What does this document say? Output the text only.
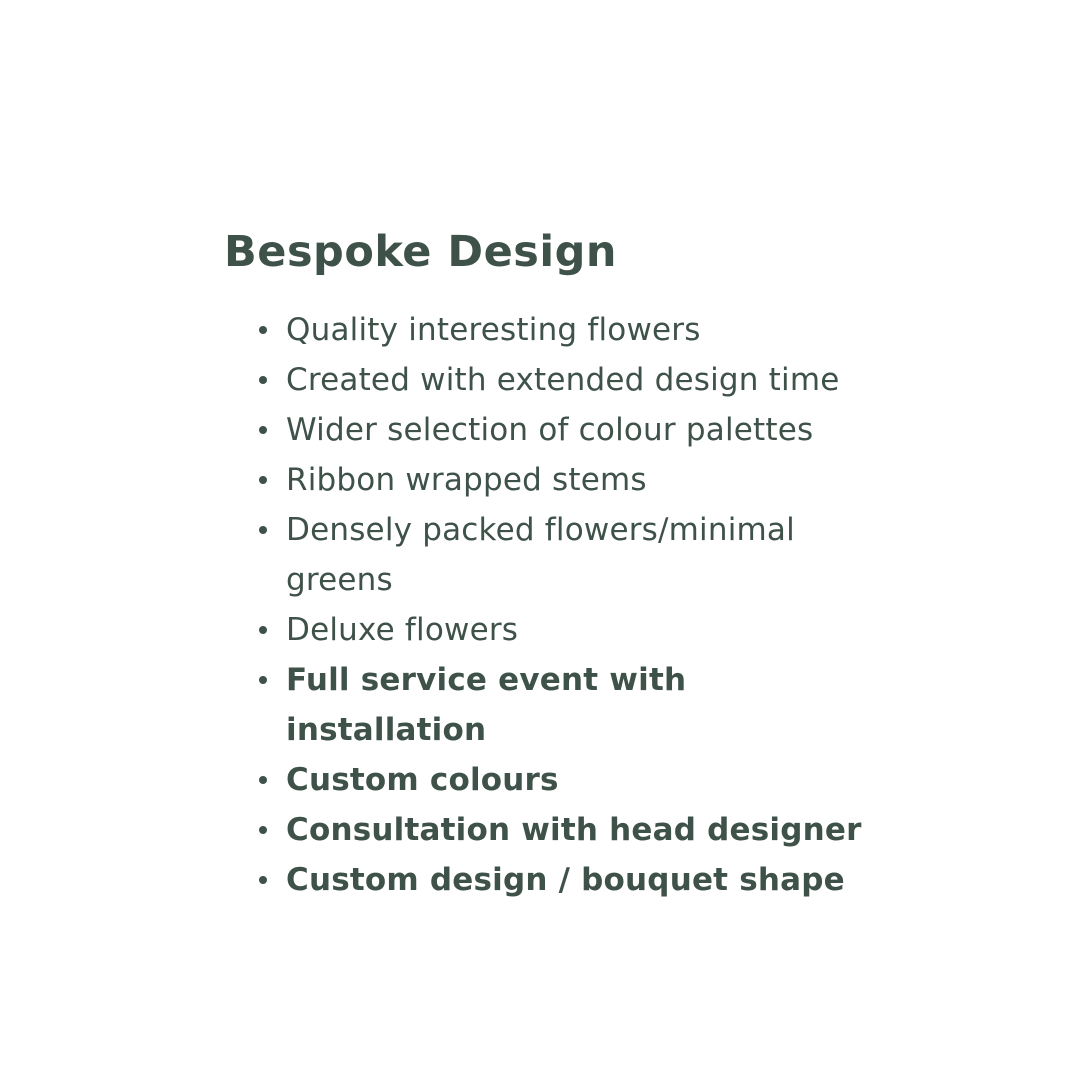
Bespoke Design
Quality interesting flowers
Created with extended design time
Wider selection of colour palettes
Ribbon wrapped stems
Densely packed flowers/minimal greens
Deluxe flowers
Full service event with installation
Custom colours
Consultation with head designer
Custom design / bouquet shape
